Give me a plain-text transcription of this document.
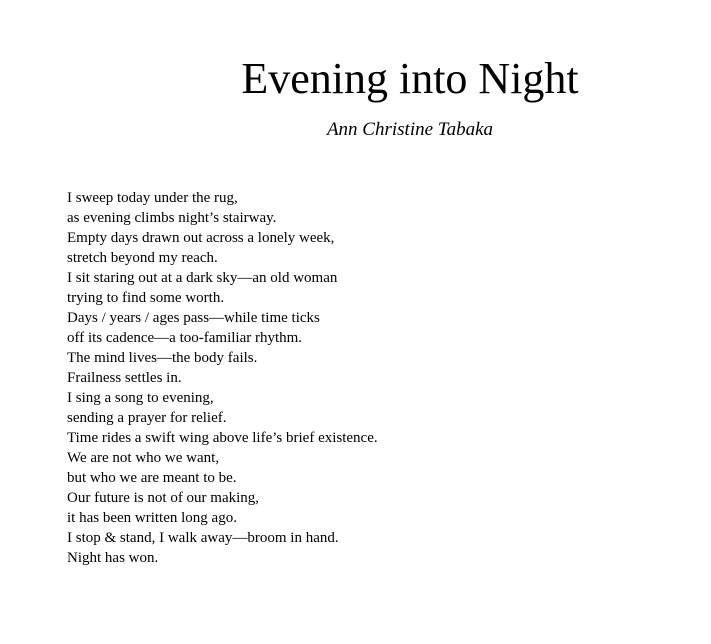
Evening into Night

Ann Christine Tabaka

I sweep today under the rug,
as evening climbs night’s stairway.
Empty days drawn out across a lonely week,
stretch beyond my reach.
I sit staring out at a dark sky—an old woman
trying to find some worth.
Days / years / ages pass—while time ticks
off its cadence—a too-familiar rhythm.
The mind lives—the body fails.
Frailness settles in.
I sing a song to evening,
sending a prayer for relief.
Time rides a swift wing above life’s brief existence.
We are not who we want,
but who we are meant to be.
Our future is not of our making,
it has been written long ago.
I stop & stand, I walk away—broom in hand.
Night has won.
